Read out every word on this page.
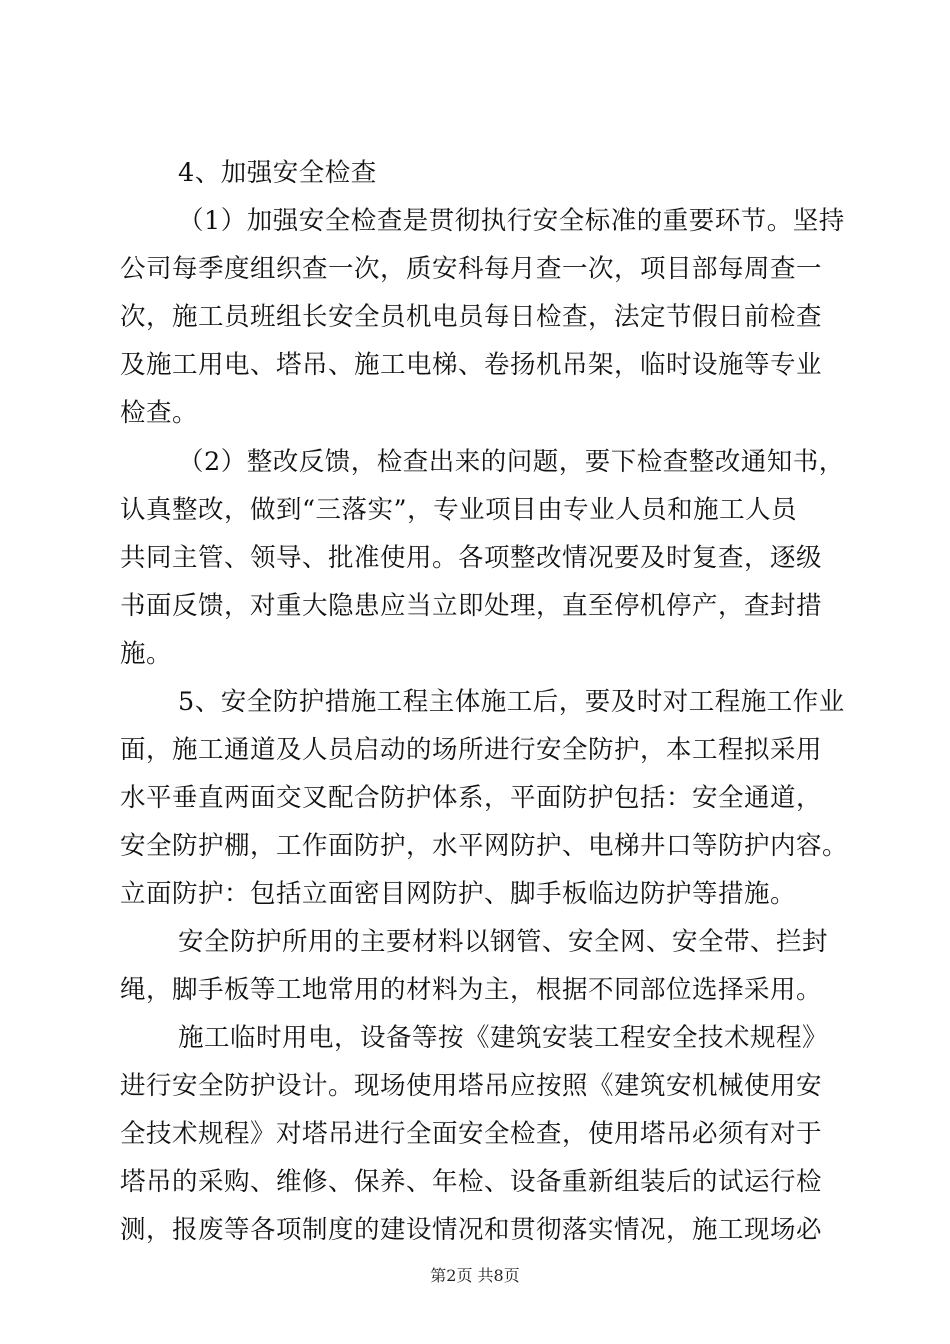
4、加强安全检查
（1）加强安全检查是贯彻执行安全标准的重要环节。坚持
公司每季度组织查一次，质安科每月查一次，项目部每周查一
次，施工员班组长安全员机电员每日检查，法定节假日前检查
及施工用电、塔吊、施工电梯、卷扬机吊架，临时设施等专业
检查。
（2）整改反馈，检查出来的问题，要下检查整改通知书，
认真整改，做到“三落实”，专业项目由专业人员和施工人员
共同主管、领导、批准使用。各项整改情况要及时复查，逐级
书面反馈，对重大隐患应当立即处理，直至停机停产，查封措
施。
5、安全防护措施工程主体施工后，要及时对工程施工作业
面，施工通道及人员启动的场所进行安全防护，本工程拟采用
水平垂直两面交叉配合防护体系，平面防护包括：安全通道，
安全防护棚，工作面防护，水平网防护、电梯井口等防护内容。
立面防护：包括立面密目网防护、脚手板临边防护等措施。
安全防护所用的主要材料以钢管、安全网、安全带、拦封
绳，脚手板等工地常用的材料为主，根据不同部位选择采用。
施工临时用电，设备等按《建筑安装工程安全技术规程》
进行安全防护设计。现场使用塔吊应按照《建筑安机械使用安
全技术规程》对塔吊进行全面安全检查，使用塔吊必须有对于
塔吊的采购、维修、保养、年检、设备重新组装后的试运行检
测，报废等各项制度的建设情况和贯彻落实情况，施工现场必
第2页 共8页
